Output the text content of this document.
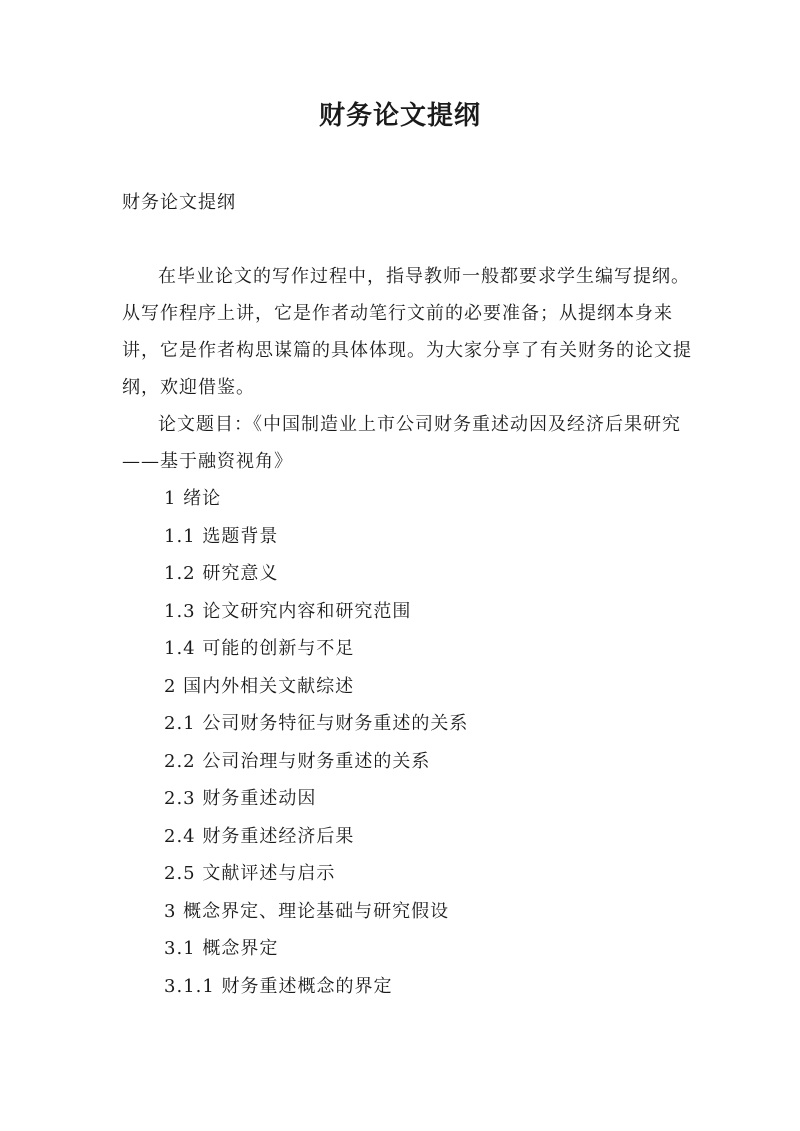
财务论文提纲

财务论文提纲

在毕业论文的写作过程中，指导教师一般都要求学生编写提纲。从写作程序上讲，它是作者动笔行文前的必要准备；从提纲本身来讲，它是作者构思谋篇的具体体现。为大家分享了有关财务的论文提纲，欢迎借鉴。

论文题目：《中国制造业上市公司财务重述动因及经济后果研究——基于融资视角》

1 绪论
1.1 选题背景
1.2 研究意义
1.3 论文研究内容和研究范围
1.4 可能的创新与不足
2 国内外相关文献综述
2.1 公司财务特征与财务重述的关系
2.2 公司治理与财务重述的关系
2.3 财务重述动因
2.4 财务重述经济后果
2.5 文献评述与启示
3 概念界定、理论基础与研究假设
3.1 概念界定
3.1.1 财务重述概念的界定
